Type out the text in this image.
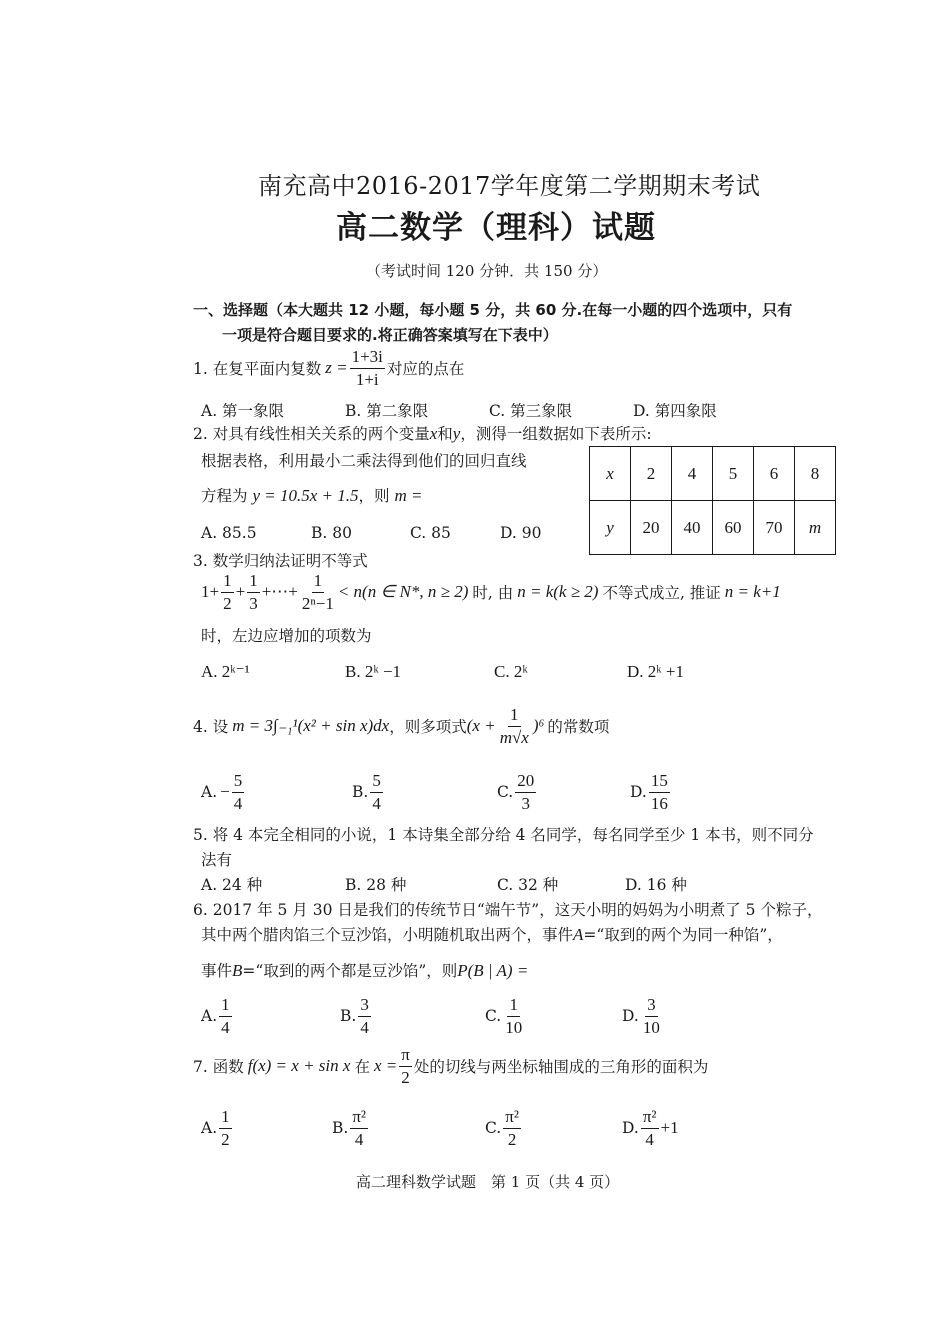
南充高中2016-2017学年度第二学期期末考试
高二数学（理科）试题
（考试时间 120 分钟．共 150 分）
一、选择题（本大题共 12 小题，每小题 5 分，共 60 分.在每一小题的四个选项中，只有
一项是符合题目要求的.将正确答案填写在下表中）
1. 在复平面内复数 $z = \frac{1+3i}{1+i}$ 对应的点在
A. 第一象限	B. 第二象限	C. 第三象限	D. 第四象限
2. 对具有线性相关关系的两个变量x和y，测得一组数据如下表所示:
根据表格，利用最小二乘法得到他们的回归直线
方程为 y = 10.5x + 1.5，则 m =
A. 85.5	B. 80	C. 85	D. 90
x	2	4	5	6	8
y	20	40	60	70	m
3. 数学归纳法证明不等式
$1+ \frac{1}{2} + \frac{1}{3}$ +⋯+ $\frac{1}{\text{2ⁿ−1}} < n(n$ ∈ N*, n ≥ 2) 时, 由 n = k(k ≥ 2) 不等式成立, 推证 n = k+1
时，左边应增加的项数为
A. 2ᵏ⁻¹	B. 2ᵏ −1	C. 2ᵏ	D. 2ᵏ +1
4. 设 m = 3∫₋₁¹(x² + sin x)dx ，则多项式 $(x + \frac{1}{m√x} )^6$ 的常数项
A. − $\frac{5}{4}$	B. $\frac{5}{4}$	C. $\frac{20}{3}$	D. $\frac{15}{16}$
5. 将 4 本完全相同的小说，1 本诗集全部分给 4 名同学，每名同学至少 1 本书，则不同分
法有
A. 24 种	B. 28 种	C. 32 种	D. 16 种
6. 2017 年 5 月 30 日是我们的传统节日“端午节”，这天小明的妈妈为小明煮了 5 个粽子，
其中两个腊肉馅三个豆沙馅，小明随机取出两个，事件A=“取到的两个为同一种馅”，
事件B=“取到的两个都是豆沙馅”，则P(B | A) =
A. $\frac{1}{4}$	B. $\frac{3}{4}$	C. $\frac{1}{10}$	D. $\frac{3}{10}$
7. 函数 f(x) = x + sin x 在 $x = \frac{\pi}{2}$ 处的切线与两坐标轴围成的三角形的面积为
A. $\frac{1}{2}$	B. $\frac{\text{π²}}{4}$	C. $\frac{\text{π²}}{2}$	D. $\frac{\text{π²}}{4} +1$
高二理科数学试题　第 1 页（共 4 页）
